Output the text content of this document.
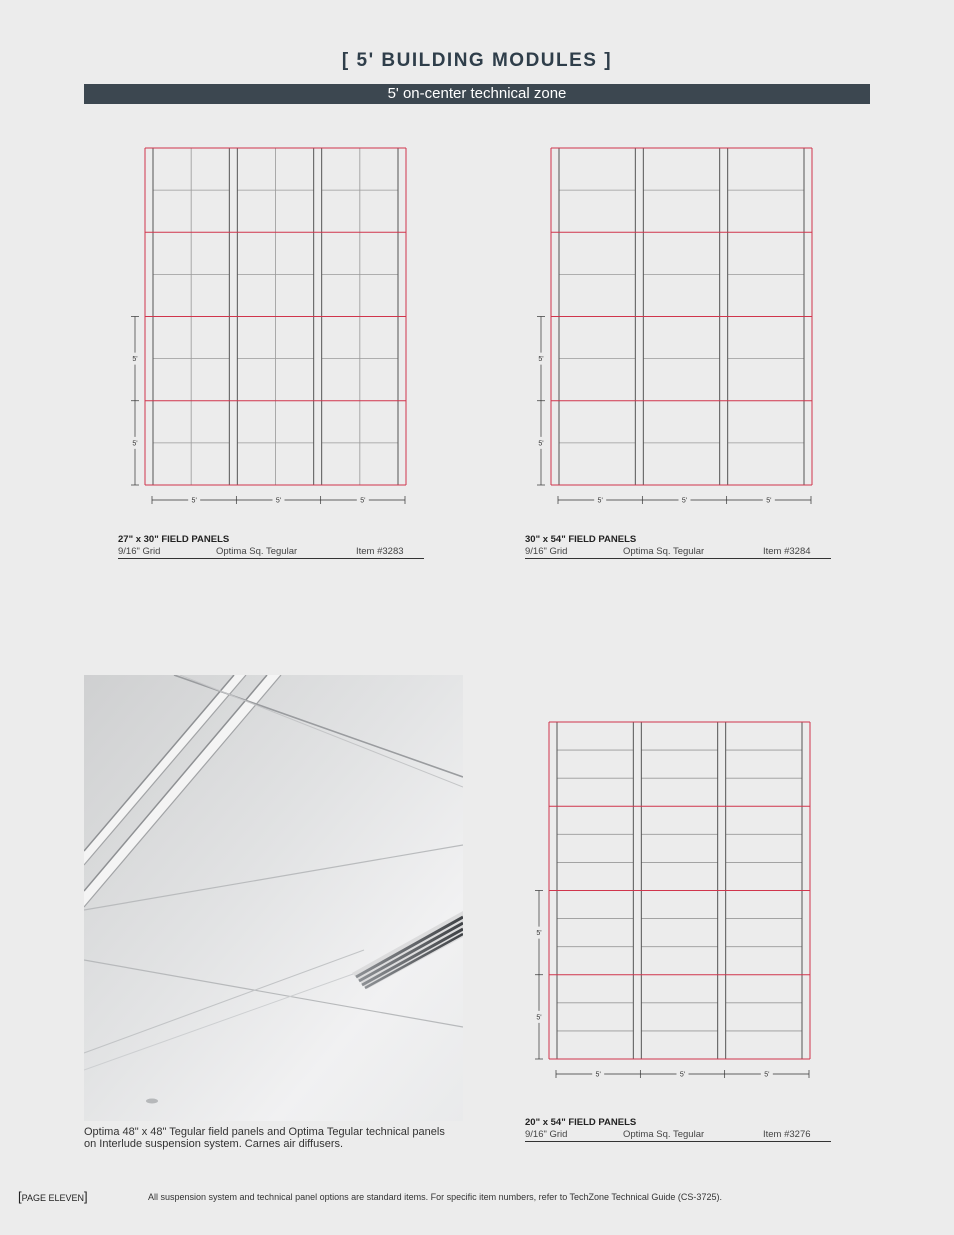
[ 5' BUILDING MODULES ]
5' on-center technical zone
5'	5'	5'
5'
5'
27" x 30" FIELD PANELS
9/16" Grid	Optima Sq. Tegular	Item #3283
5'	5'	5'
5'
5'
30" x 54" FIELD PANELS
9/16" Grid	Optima Sq. Tegular	Item #3284
Optima 48" x 48" Tegular field panels and Optima Tegular technical panels on Interlude suspension system. Carnes air diffusers.
5'	5'	5'
5'
5'
20" x 54" FIELD PANELS
9/16" Grid	Optima Sq. Tegular	Item #3276
[PAGE ELEVEN]	All suspension system and technical panel options are standard items. For specific item numbers, refer to TechZone Technical Guide (CS-3725).
